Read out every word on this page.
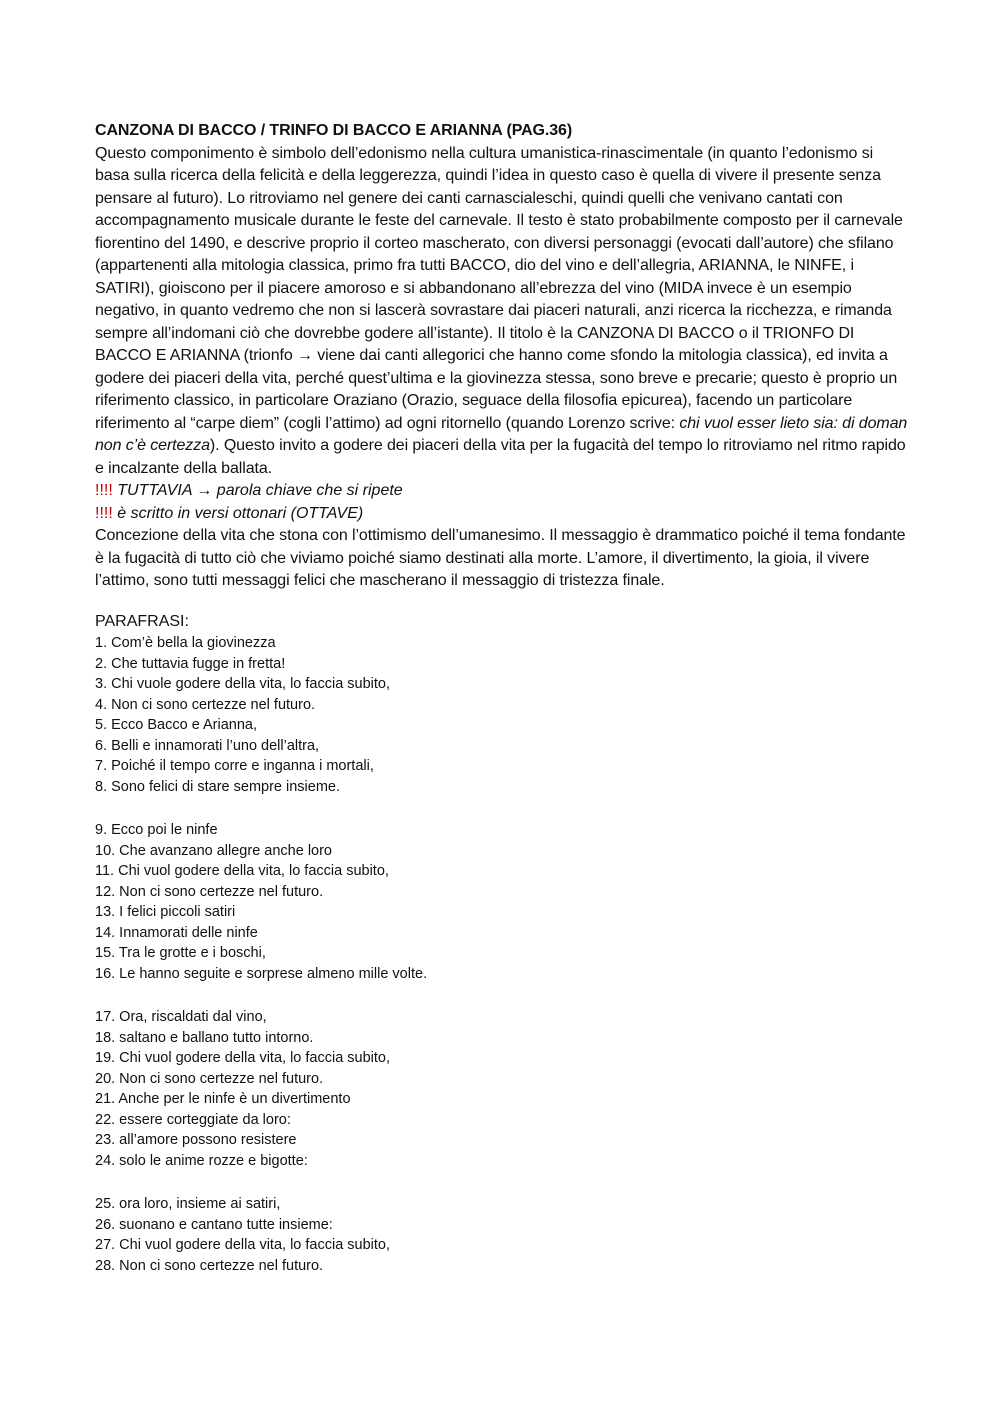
CANZONA DI BACCO / TRINFO DI BACCO E ARIANNA (PAG.36)
Questo componimento è simbolo dell’edonismo nella cultura umanistica-rinascimentale (in quanto l’edonismo si basa sulla ricerca della felicità e della leggerezza, quindi l’idea in questo caso è quella di vivere il presente senza pensare al futuro). Lo ritroviamo nel genere dei canti carnascialeschi, quindi quelli che venivano cantati con accompagnamento musicale durante le feste del carnevale. Il testo è stato probabilmente composto per il carnevale fiorentino del 1490, e descrive proprio il corteo mascherato, con diversi personaggi (evocati dall’autore) che sfilano (appartenenti alla mitologia classica, primo fra tutti BACCO, dio del vino e dell’allegria, ARIANNA, le NINFE, i SATIRI), gioiscono per il piacere amoroso e si abbandonano all’ebrezza del vino (MIDA invece è un esempio negativo, in quanto vedremo che non si lascerà sovrastare dai piaceri naturali, anzi ricerca la ricchezza, e rimanda sempre all’indomani ciò che dovrebbe godere all’istante). Il titolo è la CANZONA DI BACCO o il TRIONFO DI BACCO E ARIANNA (trionfo → viene dai canti allegorici che hanno come sfondo la mitologia classica), ed invita a godere dei piaceri della vita, perché quest’ultima e la giovinezza stessa, sono breve e precarie; questo è proprio un riferimento classico, in particolare Oraziano (Orazio, seguace della filosofia epicurea), facendo un particolare riferimento al “carpe diem” (cogli l’attimo) ad ogni ritornello (quando Lorenzo scrive: chi vuol esser lieto sia: di doman non c’è certezza). Questo invito a godere dei piaceri della vita per la fugacità del tempo lo ritroviamo nel ritmo rapido e incalzante della ballata.
!!!! TUTTAVIA → parola chiave che si ripete
!!!! è scritto in versi ottonari (OTTAVE)
Concezione della vita che stona con l’ottimismo dell’umanesimo. Il messaggio è drammatico poiché il tema fondante è la fugacità di tutto ciò che viviamo poiché siamo destinati alla morte. L’amore, il divertimento, la gioia, il vivere l’attimo, sono tutti messaggi felici che mascherano il messaggio di tristezza finale.
PARAFRASI:
1. Com’è bella la giovinezza
2. Che tuttavia fugge in fretta!
3. Chi vuole godere della vita, lo faccia subito,
4. Non ci sono certezze nel futuro.
5. Ecco Bacco e Arianna,
6. Belli e innamorati l’uno dell’altra,
7. Poiché il tempo corre e inganna i mortali,
8. Sono felici di stare sempre insieme.
9. Ecco poi le ninfe
10. Che avanzano allegre anche loro
11. Chi vuol godere della vita, lo faccia subito,
12. Non ci sono certezze nel futuro.
13. I felici piccoli satiri
14. Innamorati delle ninfe
15. Tra le grotte e i boschi,
16. Le hanno seguite e sorprese almeno mille volte.
17. Ora, riscaldati dal vino,
18. saltano e ballano tutto intorno.
19. Chi vuol godere della vita, lo faccia subito,
20. Non ci sono certezze nel futuro.
21. Anche per le ninfe è un divertimento
22. essere corteggiate da loro:
23. all’amore possono resistere
24. solo le anime rozze e bigotte:
25. ora loro, insieme ai satiri,
26. suonano e cantano tutte insieme:
27. Chi vuol godere della vita, lo faccia subito,
28. Non ci sono certezze nel futuro.
